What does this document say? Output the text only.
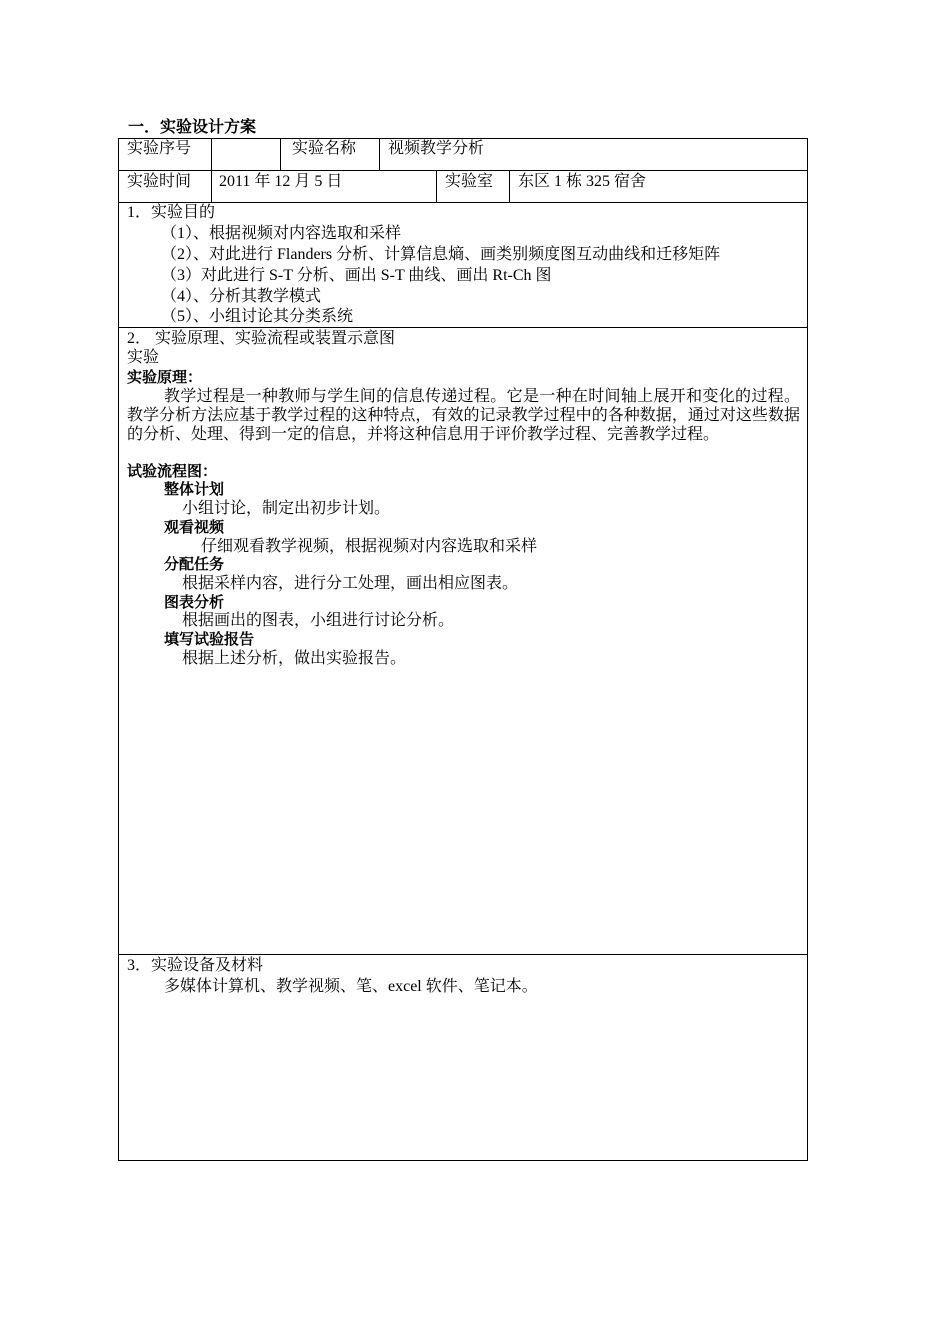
一．实验设计方案
实验序号	实验名称 视频教学分析
实验时间 2011 年 12 月 5 日	实验室 东区 1 栋 325 宿舍
1．实验目的
（1）、根据视频对内容选取和采样
（2）、对此进行 Flanders 分析、计算信息熵、画类别频度图互动曲线和迁移矩阵
（3）对此进行 S-T 分析、画出 S-T 曲线、画出 Rt-Ch 图
（4）、分析其教学模式
（5）、小组讨论其分类系统
2． 实验原理、实验流程或装置示意图
实验
实验原理：
教学过程是一种教师与学生间的信息传递过程。它是一种在时间轴上展开和变化的过程。教学分析方法应基于教学过程的这种特点，有效的记录教学过程中的各种数据，通过对这些数据的分析、处理、得到一定的信息，并将这种信息用于评价教学过程、完善教学过程。
试验流程图：
整体计划
小组讨论，制定出初步计划。
观看视频
仔细观看教学视频，根据视频对内容选取和采样
分配任务
根据采样内容，进行分工处理，画出相应图表。
图表分析
根据画出的图表，小组进行讨论分析。
填写试验报告
根据上述分析，做出实验报告。
3．实验设备及材料
多媒体计算机、教学视频、笔、excel 软件、笔记本。
